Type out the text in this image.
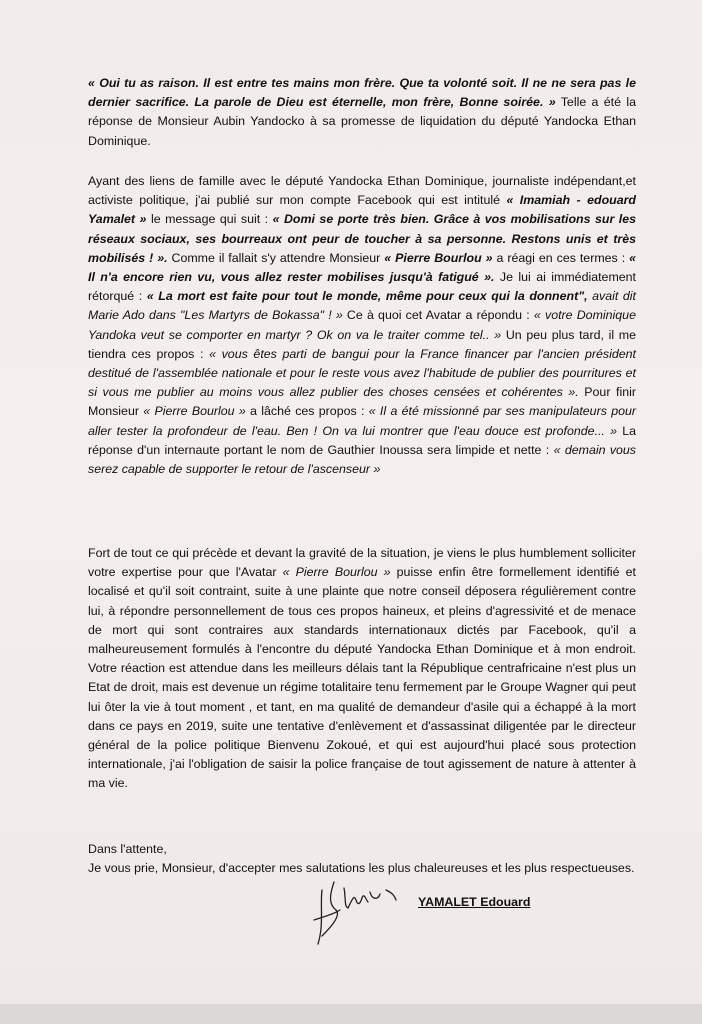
« Oui tu as raison. Il est entre tes mains mon frère. Que ta volonté soit. Il ne ne sera pas le dernier sacrifice. La parole de Dieu est éternelle, mon frère, Bonne soirée. » Telle a été la réponse de Monsieur Aubin Yandocko à sa promesse de liquidation du député Yandocka Ethan Dominique.

Ayant des liens de famille avec le député Yandocka Ethan Dominique, journaliste indépendant,et activiste politique, j'ai publié sur mon compte Facebook qui est intitulé « Imamiah - edouard Yamalet » le message qui suit : « Domi se porte très bien. Grâce à vos mobilisations sur les réseaux sociaux, ses bourreaux ont peur de toucher à sa personne. Restons unis et très mobilisés ! ». Comme il fallait s'y attendre Monsieur « Pierre Bourlou » a réagi en ces termes : « Il n'a encore rien vu, vous allez rester mobilises jusqu'à fatigué ». Je lui ai immédiatement rétorqué : « La mort est faite pour tout le monde, même pour ceux qui la donnent", avait dit Marie Ado dans "Les Martyrs de Bokassa" ! » Ce à quoi cet Avatar a répondu : « votre Dominique Yandoka veut se comporter en martyr ? Ok on va le traiter comme tel.. » Un peu plus tard, il me tiendra ces propos : « vous êtes parti de bangui pour la France financer par l'ancien président destitué de l'assemblée nationale et pour le reste vous avez l'habitude de publier des pourritures et si vous me publier au moins vous allez publier des choses censées et cohérentes ». Pour finir Monsieur « Pierre Bourlou » a lâché ces propos : « Il a été missionné par ses manipulateurs pour aller tester la profondeur de l'eau. Ben ! On va lui montrer que l'eau douce est profonde... » La réponse d'un internaute portant le nom de Gauthier Inoussa sera limpide et nette : « demain vous serez capable de supporter le retour de l'ascenseur »

Fort de tout ce qui précède et devant la gravité de la situation, je viens le plus humblement solliciter votre expertise pour que l'Avatar « Pierre Bourlou » puisse enfin être formellement identifié et localisé et qu'il soit contraint, suite à une plainte que notre conseil déposera régulièrement contre lui, à répondre personnellement de tous ces propos haineux, et pleins d'agressivité et de menace de mort qui sont contraires aux standards internationaux dictés par Facebook, qu'il a malheureusement formulés à l'encontre du député Yandocka Ethan Dominique et à mon endroit. Votre réaction est attendue dans les meilleurs délais tant la République centrafricaine n'est plus un Etat de droit, mais est devenue un régime totalitaire tenu fermement par le Groupe Wagner qui peut lui ôter la vie à tout moment , et tant, en ma qualité de demandeur d'asile qui a échappé à la mort dans ce pays en 2019, suite une tentative d'enlèvement et d'assassinat diligentée par le directeur général de la police politique Bienvenu Zokoué, et qui est aujourd'hui placé sous protection internationale, j'ai l'obligation de saisir la police française de tout agissement de nature à attenter à ma vie.

Dans l'attente,

Je vous prie, Monsieur, d'accepter mes salutations les plus chaleureuses et les plus respectueuses.

YAMALET Edouard
